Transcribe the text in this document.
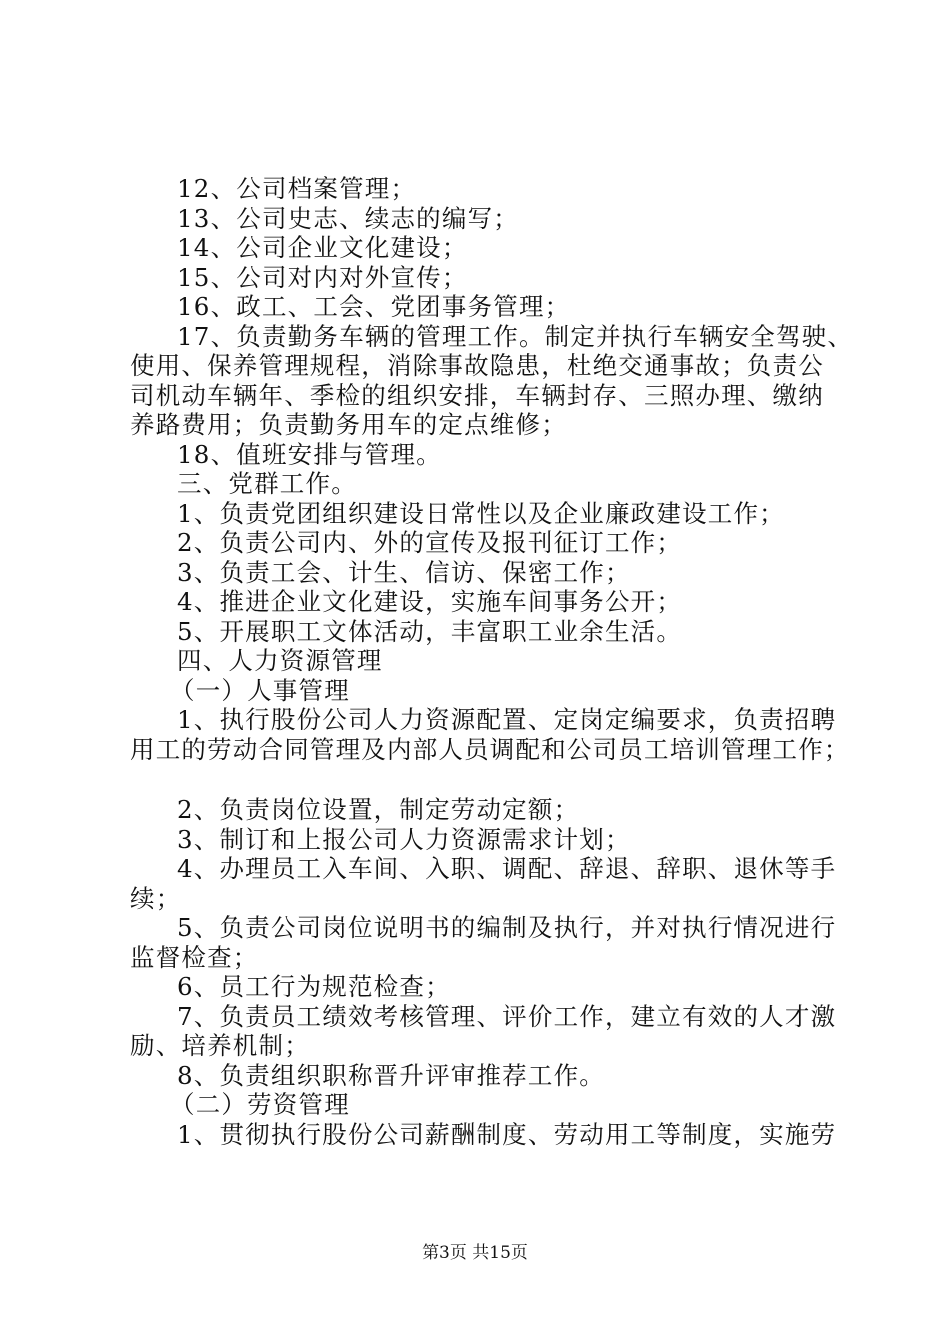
12、公司档案管理；
13、公司史志、续志的编写；
14、公司企业文化建设；
15、公司对内对外宣传；
16、政工、工会、党团事务管理；
17、负责勤务车辆的管理工作。制定并执行车辆安全驾驶、
使用、保养管理规程，消除事故隐患，杜绝交通事故；负责公
司机动车辆年、季检的组织安排，车辆封存、三照办理、缴纳
养路费用；负责勤务用车的定点维修；
18、值班安排与管理。
三、党群工作。
1、负责党团组织建设日常性以及企业廉政建设工作；
2、负责公司内、外的宣传及报刊征订工作；
3、负责工会、计生、信访、保密工作；
4、推进企业文化建设，实施车间事务公开；
5、开展职工文体活动，丰富职工业余生活。
四、人力资源管理
（一）人事管理
1、执行股份公司人力资源配置、定岗定编要求，负责招聘
用工的劳动合同管理及内部人员调配和公司员工培训管理工作；
2、负责岗位设置，制定劳动定额；
3、制订和上报公司人力资源需求计划；
4、办理员工入车间、入职、调配、辞退、辞职、退休等手
续；
5、负责公司岗位说明书的编制及执行，并对执行情况进行
监督检查；
6、员工行为规范检查；
7、负责员工绩效考核管理、评价工作，建立有效的人才激
励、培养机制；
8、负责组织职称晋升评审推荐工作。
（二）劳资管理
1、贯彻执行股份公司薪酬制度、劳动用工等制度，实施劳
第3页 共15页
